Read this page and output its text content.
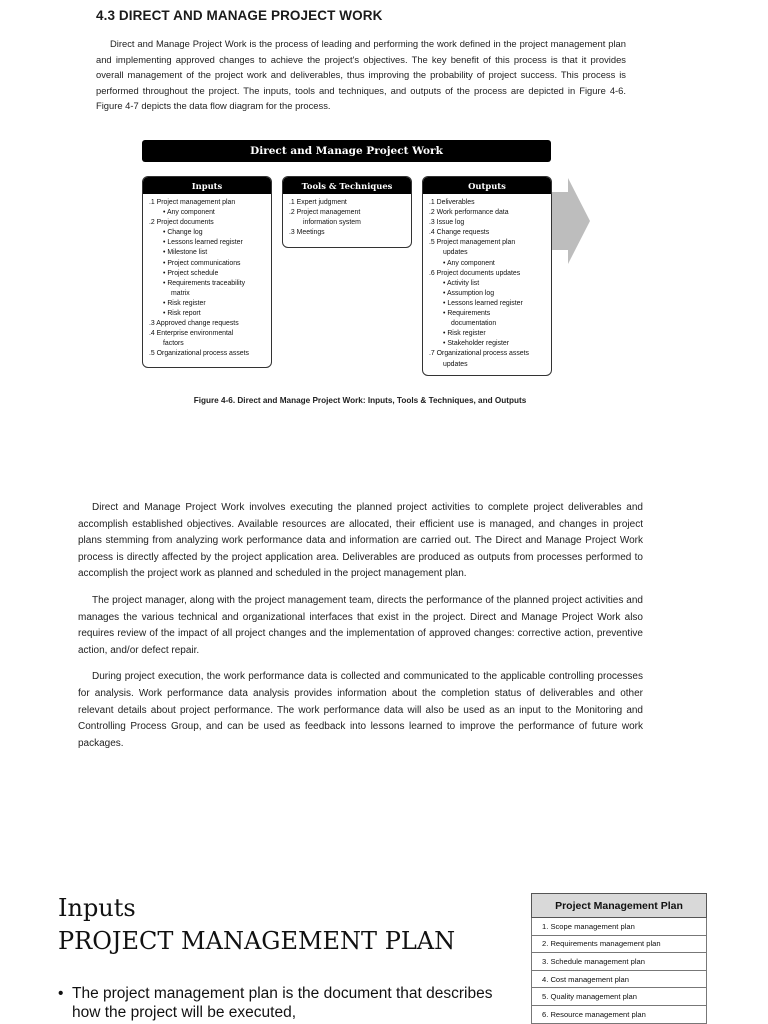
4.3 DIRECT AND MANAGE PROJECT WORK

Direct and Manage Project Work is the process of leading and performing the work defined in the project management plan and implementing approved changes to achieve the project's objectives. The key benefit of this process is that it provides overall management of the project work and deliverables, thus improving the probability of project success. This process is performed throughout the project. The inputs, tools and techniques, and outputs of the process are depicted in Figure 4-6. Figure 4-7 depicts the data flow diagram for the process.

Direct and Manage Project Work
Inputs
.1 Project management plan
• Any component
.2 Project documents
• Change log
• Lessons learned register
• Milestone list
• Project communications
• Project schedule
• Requirements traceability
matrix
• Risk register
• Risk report
.3 Approved change requests
.4 Enterprise environmental
factors
.5 Organizational process assets
Tools & Techniques
.1 Expert judgment
.2 Project management
information system
.3 Meetings
Outputs
.1 Deliverables
.2 Work performance data
.3 Issue log
.4 Change requests
.5 Project management plan
updates
• Any component
.6 Project documents updates
• Activity list
• Assumption log
• Lessons learned register
• Requirements
documentation
• Risk register
• Stakeholder register
.7 Organizational process assets
updates
Figure 4-6. Direct and Manage Project Work: Inputs, Tools & Techniques, and Outputs

Direct and Manage Project Work involves executing the planned project activities to complete project deliverables and accomplish established objectives. Available resources are allocated, their efficient use is managed, and changes in project plans stemming from analyzing work performance data and information are carried out. The Direct and Manage Project Work process is directly affected by the project application area. Deliverables are produced as outputs from processes performed to accomplish the project work as planned and scheduled in the project management plan.

The project manager, along with the project management team, directs the performance of the planned project activities and manages the various technical and organizational interfaces that exist in the project. Direct and Manage Project Work also requires review of the impact of all project changes and the implementation of approved changes: corrective action, preventive action, and/or defect repair.

During project execution, the work performance data is collected and communicated to the applicable controlling processes for analysis. Work performance data analysis provides information about the completion status of deliverables and other relevant details about project performance. The work performance data will also be used as an input to the Monitoring and Controlling Process Group, and can be used as feedback into lessons learned to improve the performance of future work packages.

Inputs
PROJECT MANAGEMENT PLAN
• The project management plan is the document that describes how the project will be executed,
Project Management Plan
1. Scope management plan
2. Requirements management plan
3. Schedule management plan
4. Cost management plan
5. Quality management plan
6. Resource management plan
